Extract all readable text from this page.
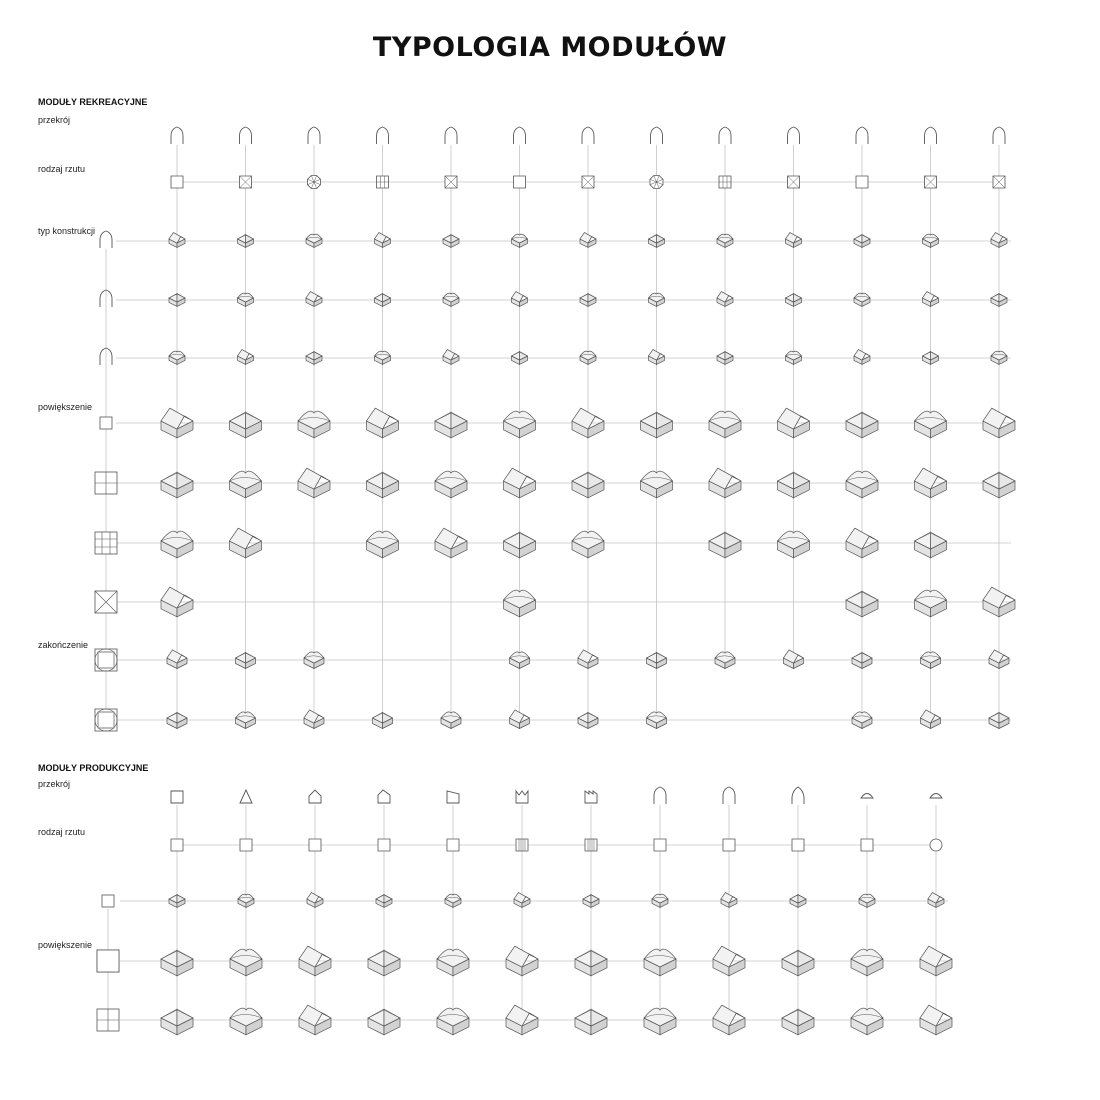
TYPOLOGIA MODUŁÓW
MODUŁY REKREACYJNE
przekrój
rodzaj rzutu
typ konstrukcji
powiększenie
zakończenie
MODUŁY PRODUKCYJNE
przekrój
rodzaj rzutu
powiększenie
